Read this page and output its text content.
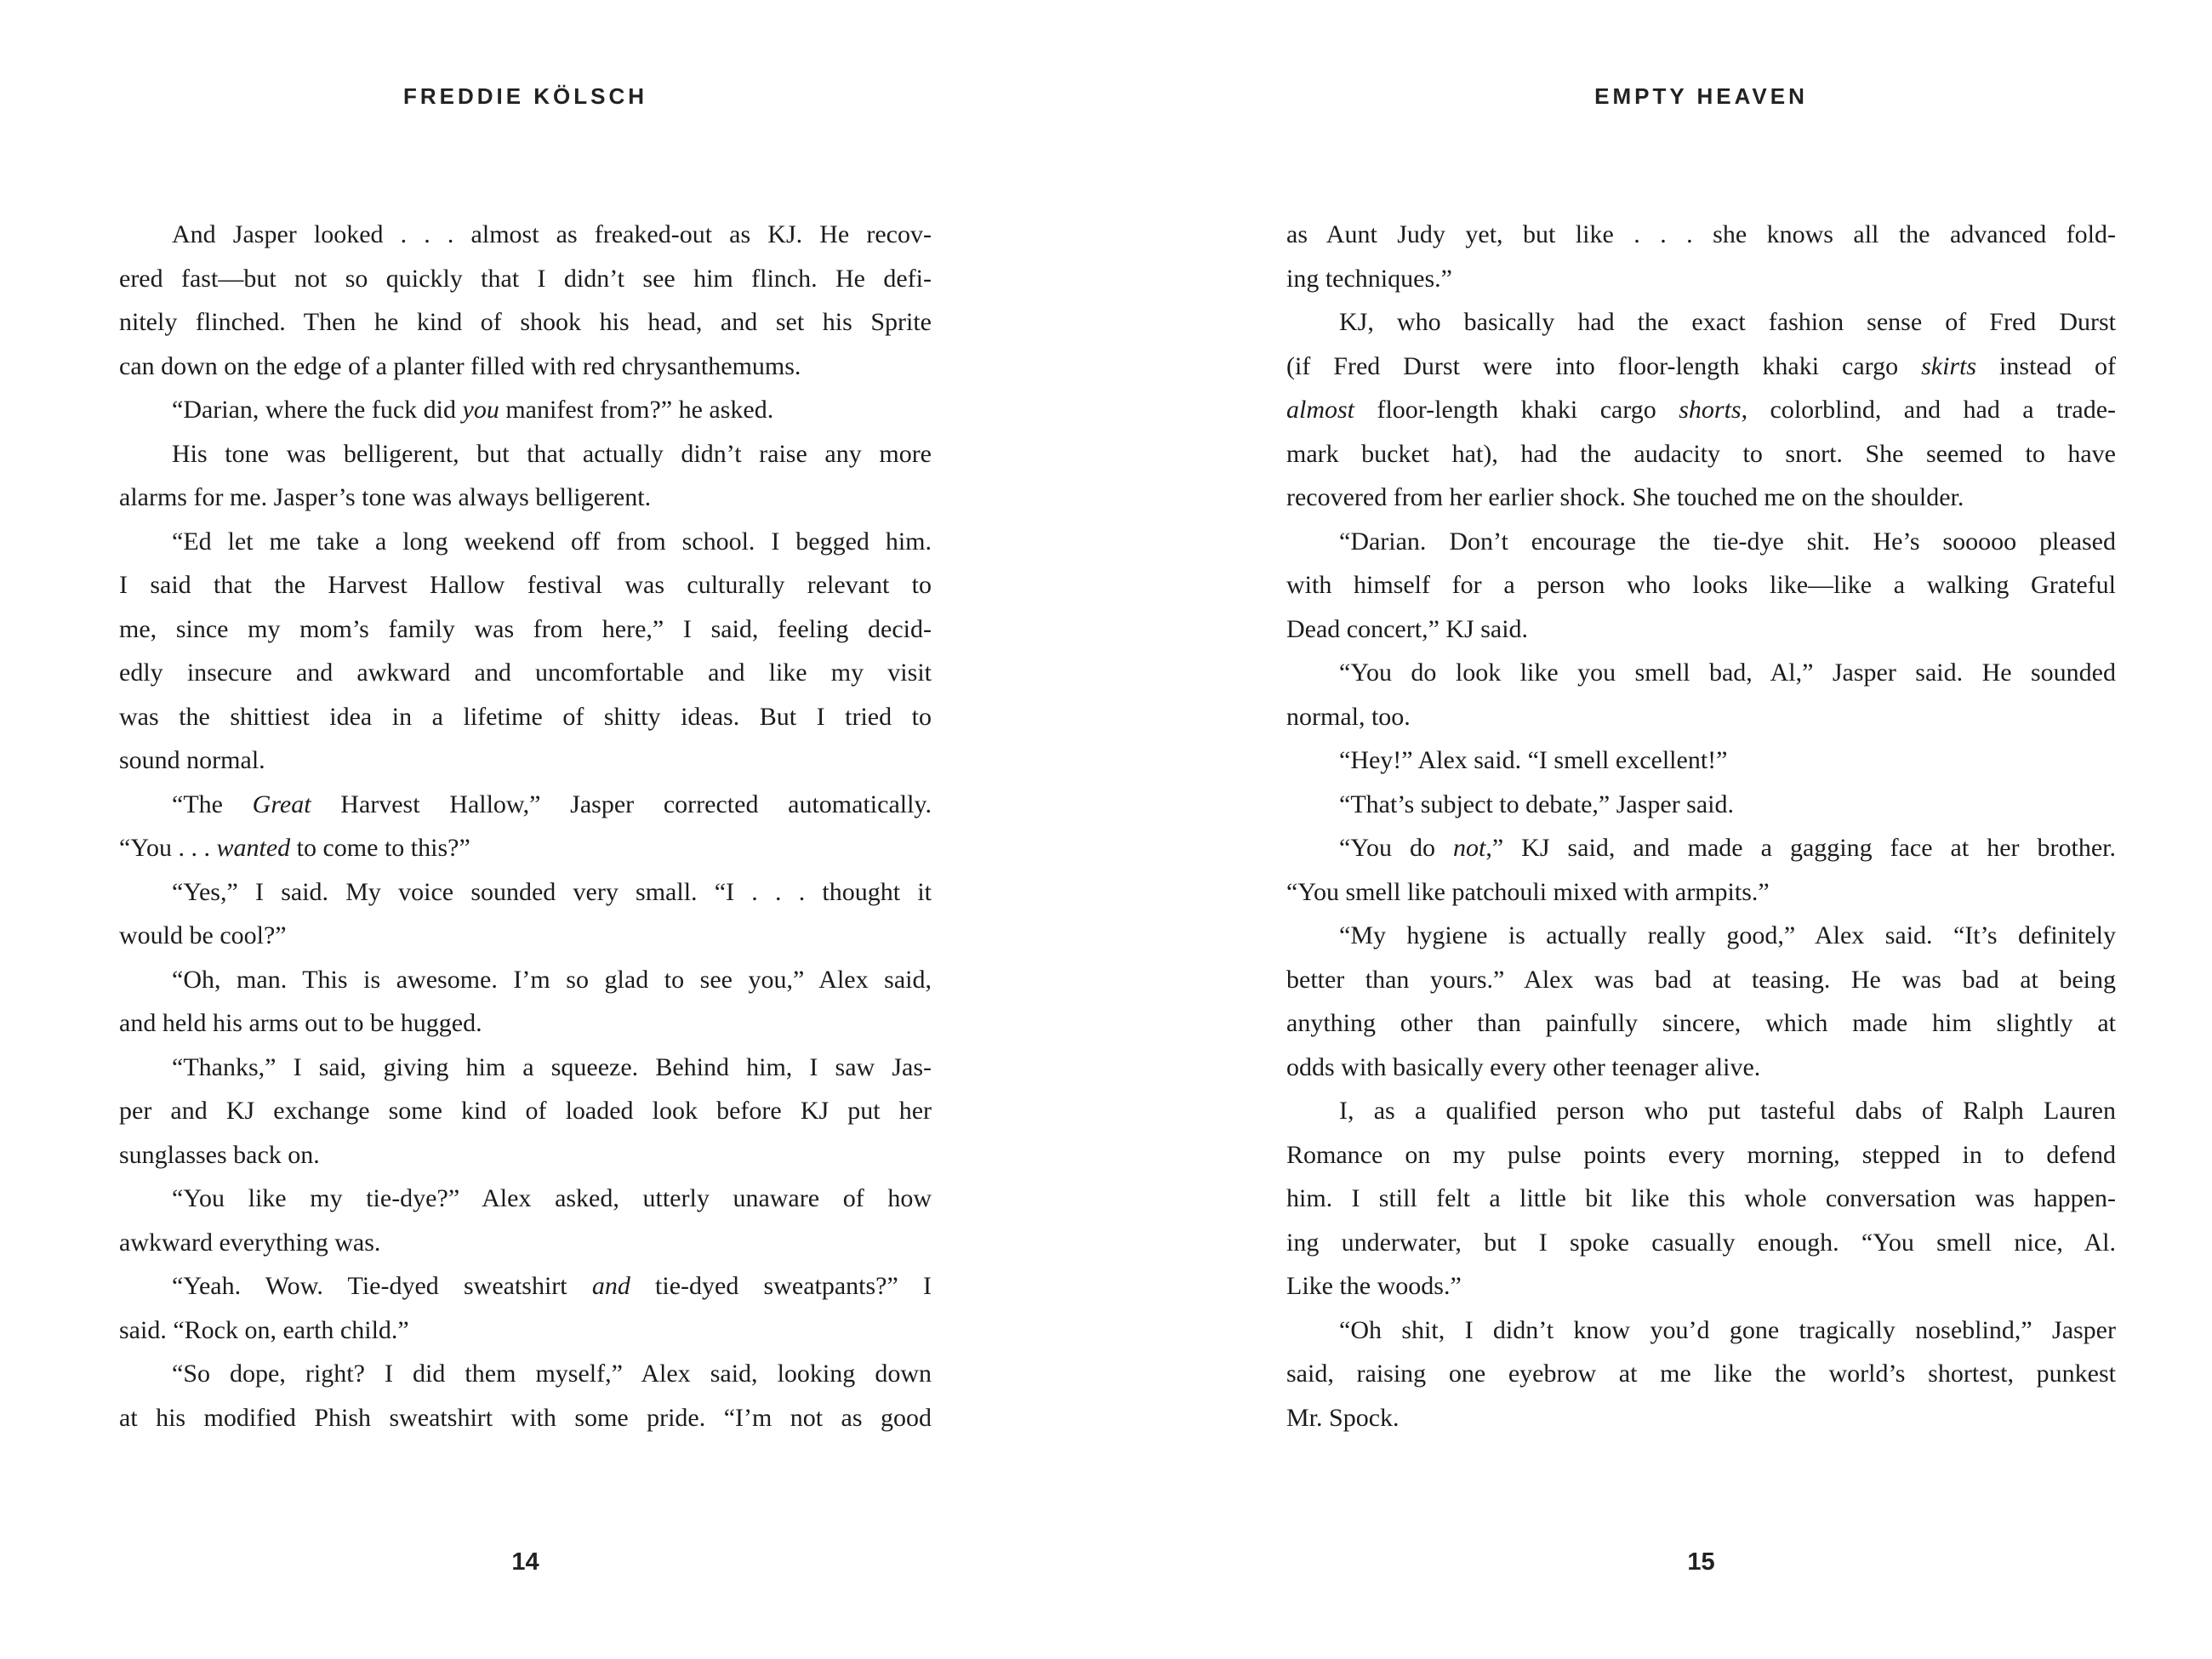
FREDDIE KÖLSCH	EMPTY HEAVEN
And Jasper looked . . . almost as freaked-out as KJ. He recov-
ered fast—but not so quickly that I didn’t see him flinch. He defi-
nitely flinched. Then he kind of shook his head, and set his Sprite
can down on the edge of a planter filled with red chrysanthemums.
“Darian, where the fuck did you manifest from?” he asked.
His tone was belligerent, but that actually didn’t raise any more
alarms for me. Jasper’s tone was always belligerent.
“Ed let me take a long weekend off from school. I begged him.
I said that the Harvest Hallow festival was culturally relevant to
me, since my mom’s family was from here,” I said, feeling decid-
edly insecure and awkward and uncomfortable and like my visit
was the shittiest idea in a lifetime of shitty ideas. But I tried to
sound normal.
“The Great Harvest Hallow,” Jasper corrected automatically.
“You . . . wanted to come to this?”
“Yes,” I said. My voice sounded very small. “I . . . thought it
would be cool?”
“Oh, man. This is awesome. I’m so glad to see you,” Alex said,
and held his arms out to be hugged.
“Thanks,” I said, giving him a squeeze. Behind him, I saw Jas-
per and KJ exchange some kind of loaded look before KJ put her
sunglasses back on.
“You like my tie-dye?” Alex asked, utterly unaware of how
awkward everything was.
“Yeah. Wow. Tie-dyed sweatshirt and tie-dyed sweatpants?” I
said. “Rock on, earth child.”
“So dope, right? I did them myself,” Alex said, looking down
at his modified Phish sweatshirt with some pride. “I’m not as good
as Aunt Judy yet, but like . . . she knows all the advanced fold-
ing techniques.”
KJ, who basically had the exact fashion sense of Fred Durst
(if Fred Durst were into floor-length khaki cargo skirts instead of
almost floor-length khaki cargo shorts, colorblind, and had a trade-
mark bucket hat), had the audacity to snort. She seemed to have
recovered from her earlier shock. She touched me on the shoulder.
“Darian. Don’t encourage the tie-dye shit. He’s sooooo pleased
with himself for a person who looks like—like a walking Grateful
Dead concert,” KJ said.
“You do look like you smell bad, Al,” Jasper said. He sounded
normal, too.
“Hey!” Alex said. “I smell excellent!”
“That’s subject to debate,” Jasper said.
“You do not,” KJ said, and made a gagging face at her brother.
“You smell like patchouli mixed with armpits.”
“My hygiene is actually really good,” Alex said. “It’s definitely
better than yours.” Alex was bad at teasing. He was bad at being
anything other than painfully sincere, which made him slightly at
odds with basically every other teenager alive.
I, as a qualified person who put tasteful dabs of Ralph Lauren
Romance on my pulse points every morning, stepped in to defend
him. I still felt a little bit like this whole conversation was happen-
ing underwater, but I spoke casually enough. “You smell nice, Al.
Like the woods.”
“Oh shit, I didn’t know you’d gone tragically noseblind,” Jasper
said, raising one eyebrow at me like the world’s shortest, punkest
Mr. Spock.
14	15
